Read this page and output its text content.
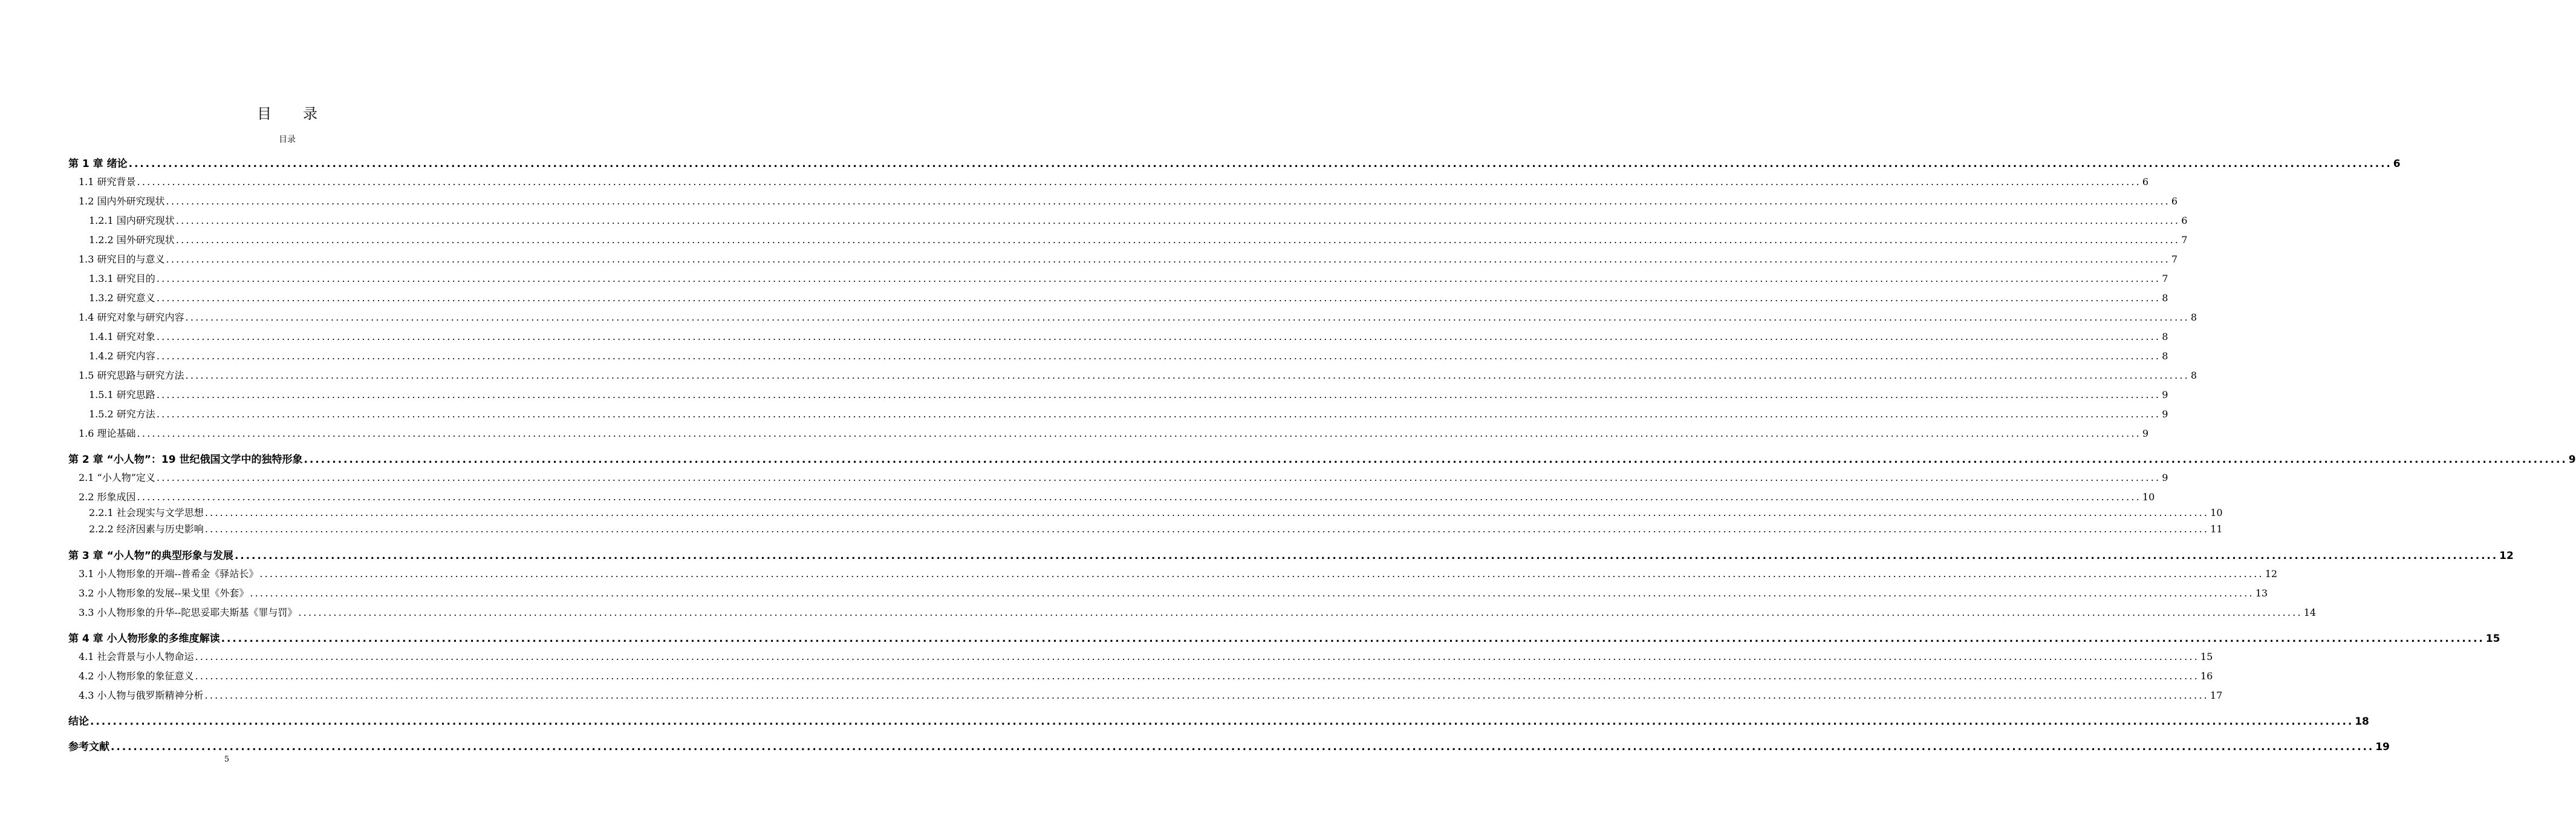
目　录
目录
第 1 章 绪论 ................................................................................................................................................................................................................................................................................................................................................................................................................ 6
1.1 研究背景 ................................................................................................................................................................................................................................................................................................................................................................................................................ 6
1.2 国内外研究现状 ................................................................................................................................................................................................................................................................................................................................................................................................................ 6
1.2.1 国内研究现状 ................................................................................................................................................................................................................................................................................................................................................................................................................ 6
1.2.2 国外研究现状 ................................................................................................................................................................................................................................................................................................................................................................................................................ 7
1.3 研究目的与意义 ................................................................................................................................................................................................................................................................................................................................................................................................................ 7
1.3.1 研究目的 ................................................................................................................................................................................................................................................................................................................................................................................................................ 7
1.3.2 研究意义 ................................................................................................................................................................................................................................................................................................................................................................................................................ 8
1.4 研究对象与研究内容 ................................................................................................................................................................................................................................................................................................................................................................................................................ 8
1.4.1 研究对象 ................................................................................................................................................................................................................................................................................................................................................................................................................ 8
1.4.2 研究内容 ................................................................................................................................................................................................................................................................................................................................................................................................................ 8
1.5 研究思路与研究方法 ................................................................................................................................................................................................................................................................................................................................................................................................................ 8
1.5.1 研究思路 ................................................................................................................................................................................................................................................................................................................................................................................................................ 9
1.5.2 研究方法 ................................................................................................................................................................................................................................................................................................................................................................................................................ 9
1.6 理论基础 ................................................................................................................................................................................................................................................................................................................................................................................................................ 9
第 2 章 “小人物”：19 世纪俄国文学中的独特形象 ................................................................................................................................................................................................................................................................................................................................................................................................................ 9
2.1 “小人物”定义 ................................................................................................................................................................................................................................................................................................................................................................................................................ 9
2.2 形象成因 ................................................................................................................................................................................................................................................................................................................................................................................................................ 10
2.2.1 社会现实与文学思想 ................................................................................................................................................................................................................................................................................................................................................................................................................ 10
2.2.2 经济因素与历史影响 ................................................................................................................................................................................................................................................................................................................................................................................................................ 11
第 3 章 “小人物”的典型形象与发展 ................................................................................................................................................................................................................................................................................................................................................................................................................ 12
3.1 小人物形象的开端--普希金《驿站长》 ................................................................................................................................................................................................................................................................................................................................................................................................................ 12
3.2 小人物形象的发展--果戈里《外套》 ................................................................................................................................................................................................................................................................................................................................................................................................................ 13
3.3 小人物形象的升华--陀思妥耶夫斯基《罪与罚》 ................................................................................................................................................................................................................................................................................................................................................................................................................ 14
第 4 章 小人物形象的多维度解读 ................................................................................................................................................................................................................................................................................................................................................................................................................ 15
4.1 社会背景与小人物命运 ................................................................................................................................................................................................................................................................................................................................................................................................................ 15
4.2 小人物形象的象征意义 ................................................................................................................................................................................................................................................................................................................................................................................................................ 16
4.3 小人物与俄罗斯精神分析 ................................................................................................................................................................................................................................................................................................................................................................................................................ 17
结论 ................................................................................................................................................................................................................................................................................................................................................................................................................ 18
参考文献 ................................................................................................................................................................................................................................................................................................................................................................................................................ 19
5
